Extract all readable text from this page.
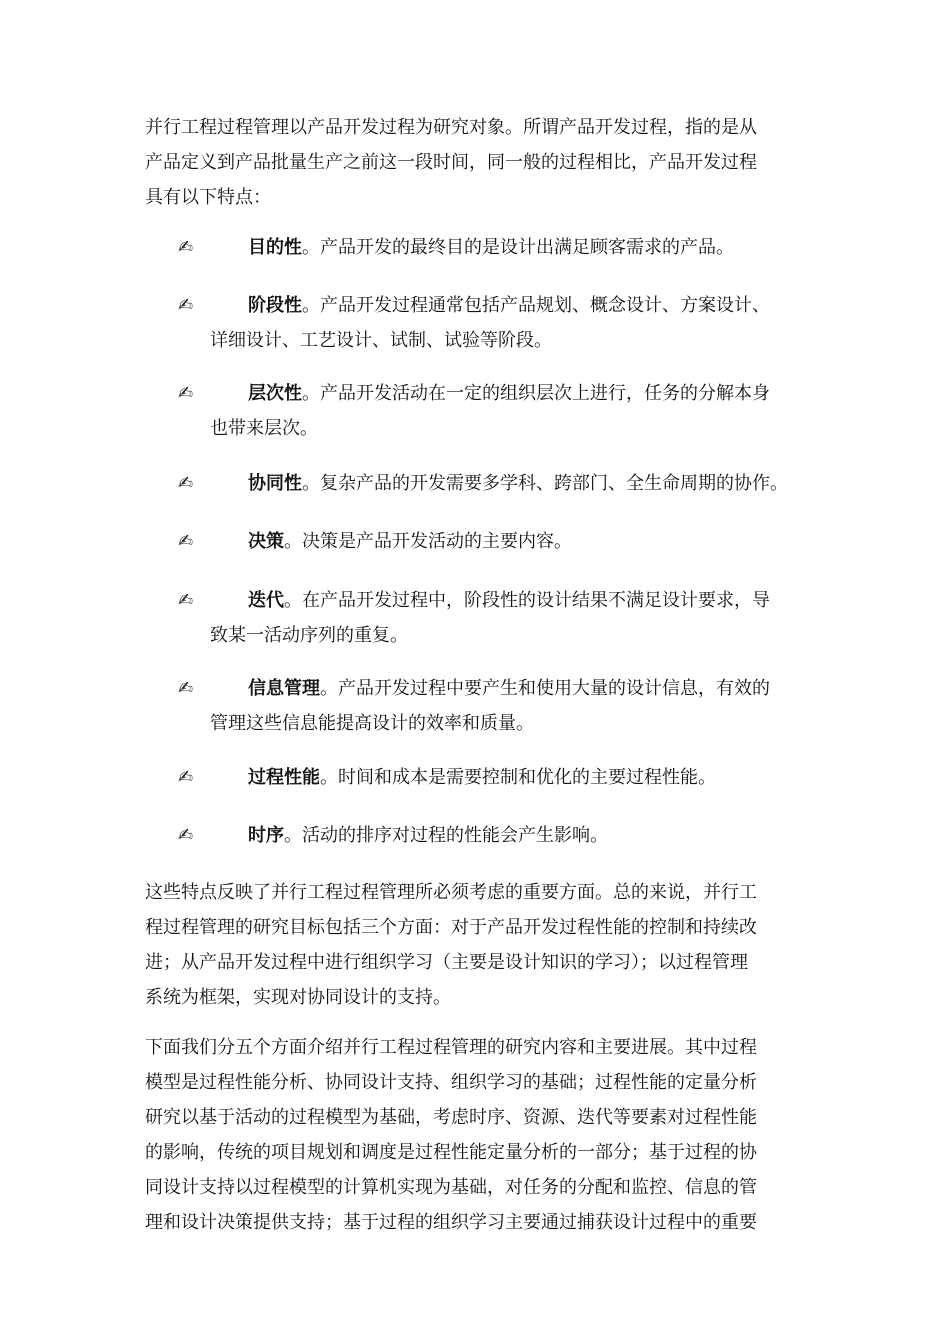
并行工程过程管理以产品开发过程为研究对象。所谓产品开发过程，指的是从
产品定义到产品批量生产之前这一段时间，同一般的过程相比，产品开发过程
具有以下特点：
✍	目的性。产品开发的最终目的是设计出满足顾客需求的产品。
✍	阶段性。产品开发过程通常包括产品规划、概念设计、方案设计、
详细设计、工艺设计、试制、试验等阶段。
✍	层次性。产品开发活动在一定的组织层次上进行，任务的分解本身
也带来层次。
✍	协同性。复杂产品的开发需要多学科、跨部门、全生命周期的协作。
✍	决策。决策是产品开发活动的主要内容。
✍	迭代。在产品开发过程中，阶段性的设计结果不满足设计要求，导
致某一活动序列的重复。
✍	信息管理。产品开发过程中要产生和使用大量的设计信息，有效的
管理这些信息能提高设计的效率和质量。
✍	过程性能。时间和成本是需要控制和优化的主要过程性能。
✍	时序。活动的排序对过程的性能会产生影响。
这些特点反映了并行工程过程管理所必须考虑的重要方面。总的来说，并行工
程过程管理的研究目标包括三个方面：对于产品开发过程性能的控制和持续改
进；从产品开发过程中进行组织学习（主要是设计知识的学习）；以过程管理
系统为框架，实现对协同设计的支持。
下面我们分五个方面介绍并行工程过程管理的研究内容和主要进展。其中过程
模型是过程性能分析、协同设计支持、组织学习的基础；过程性能的定量分析
研究以基于活动的过程模型为基础，考虑时序、资源、迭代等要素对过程性能
的影响，传统的项目规划和调度是过程性能定量分析的一部分；基于过程的协
同设计支持以过程模型的计算机实现为基础，对任务的分配和监控、信息的管
理和设计决策提供支持；基于过程的组织学习主要通过捕获设计过程中的重要
